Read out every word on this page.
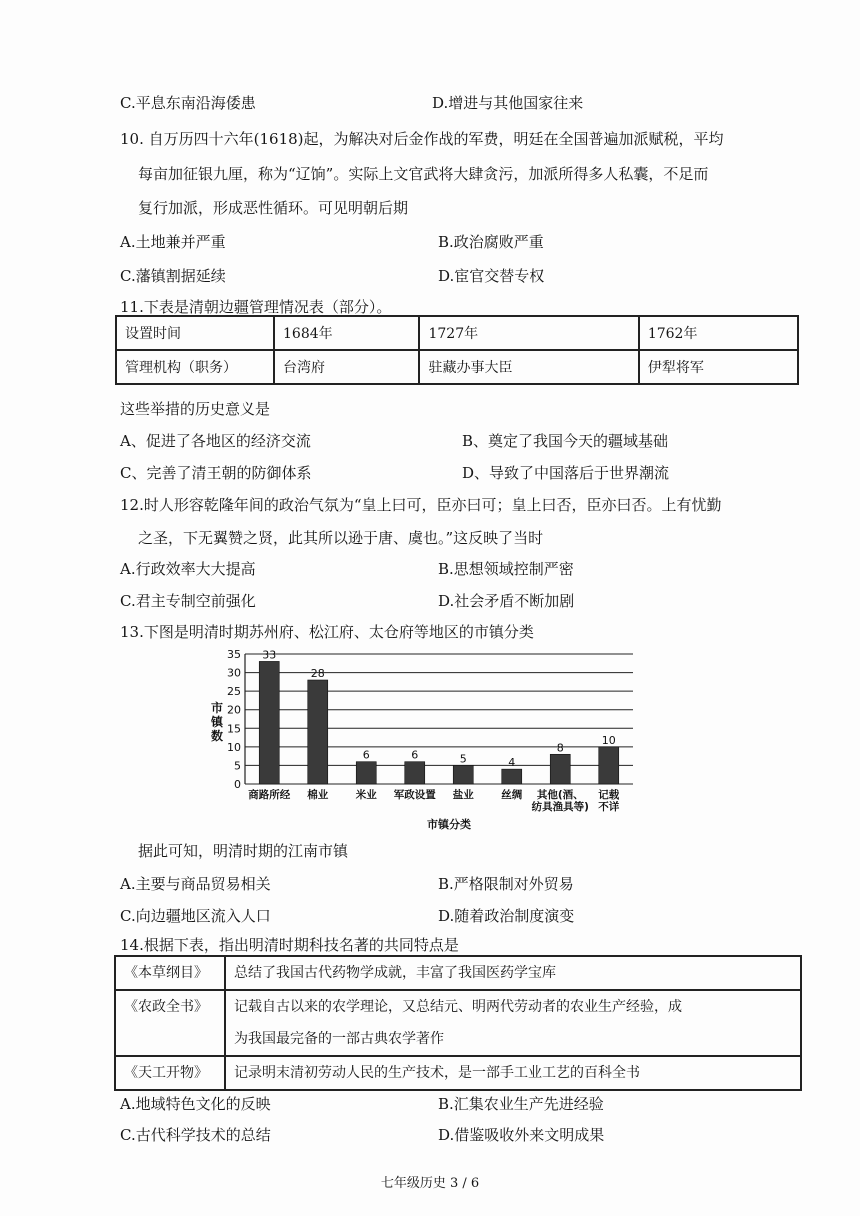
C.平息东南沿海倭患	D.增进与其他国家往来
10. 自万历四十六年(1618)起，为解决对后金作战的军费，明廷在全国普遍加派赋税，平均
每亩加征银九厘，称为“辽饷”。实际上文官武将大肆贪污，加派所得多人私囊，不足而
复行加派，形成恶性循环。可见明朝后期
A.土地兼并严重	B.政治腐败严重
C.藩镇割据延续	D.宦官交替专权
11.下表是清朝边疆管理情况表（部分）。
设置时间	1684年	1727年	1762年
管理机构（职务）	台湾府	驻藏办事大臣	伊犁将军
这些举措的历史意义是
A、促进了各地区的经济交流	B、奠定了我国今天的疆域基础
C、完善了清王朝的防御体系	D、导致了中国落后于世界潮流
12.时人形容乾隆年间的政治气氛为“皇上曰可，臣亦曰可；皇上曰否，臣亦曰否。上有忧勤
之圣，下无翼赞之贤，此其所以逊于唐、虞也。”这反映了当时
A.行政效率大大提高	B.思想领域控制严密
C.君主专制空前强化	D.社会矛盾不断加剧
13.下图是明清时期苏州府、松江府、太仓府等地区的市镇分类
0
5
10
15
20
25
30
35
市
镇
数
33
商路所经
28
棉业
6
米业
6
军政设置
5
盐业
4
丝绸
8
其他(酒、
纺具渔具等)
10
记载
不详
市镇分类
据此可知，明清时期的江南市镇
A.主要与商品贸易相关	B.严格限制对外贸易
C.向边疆地区流入人口	D.随着政治制度演变
14.根据下表，指出明清时期科技名著的共同特点是
《本草纲目》	总结了我国古代药物学成就，丰富了我国医药学宝库

《农政全书》	记载自古以来的农学理论，又总结元、明两代劳动者的农业生产经验，成
为我国最完备的一部古典农学著作

《天工开物》	记录明末清初劳动人民的生产技术，是一部手工业工艺的百科全书
A.地域特色文化的反映	B.汇集农业生产先进经验
C.古代科学技术的总结	D.借鉴吸收外来文明成果
七年级历史 3 / 6
